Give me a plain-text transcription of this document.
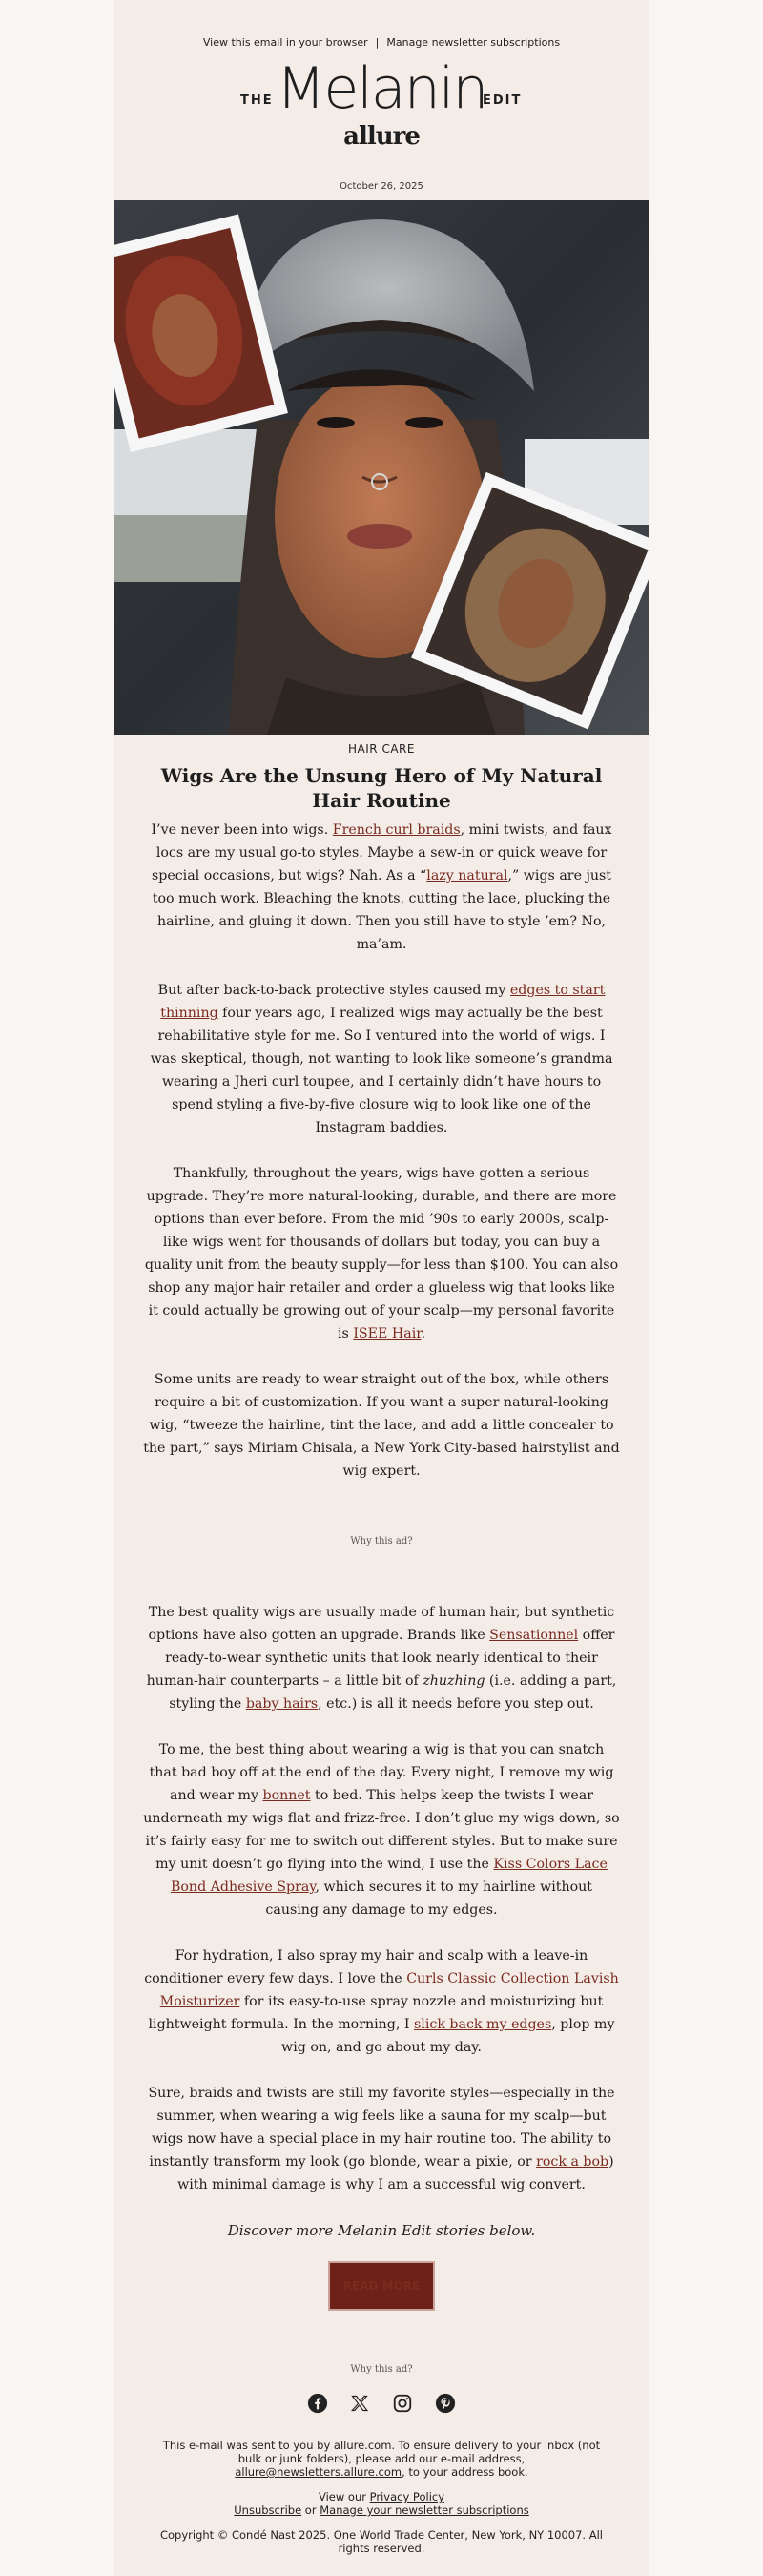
View this email in your browser | Manage newsletter subscriptions
THE Melanin
EDIT
allure
October 26, 2025
HAIR CARE
Wigs Are the Unsung Hero of My Natural Hair Routine

I’ve never been into wigs. French curl braids, mini twists, and faux locs are my usual go-to styles. Maybe a sew-in or quick weave for special occasions, but wigs? Nah. As a “lazy natural,” wigs are just too much work. Bleaching the knots, cutting the lace, plucking the hairline, and gluing it down. Then you still have to style ’em? No, ma’am.

But after back-to-back protective styles caused my edges to start thinning four years ago, I realized wigs may actually be the best rehabilitative style for me. So I ventured into the world of wigs. I was skeptical, though, not wanting to look like someone’s grandma wearing a Jheri curl toupee, and I certainly didn’t have hours to spend styling a five-by-five closure wig to look like one of the Instagram baddies.

Thankfully, throughout the years, wigs have gotten a serious upgrade. They’re more natural-looking, durable, and there are more options than ever before. From the mid ’90s to early 2000s, scalp-like wigs went for thousands of dollars but today, you can buy a quality unit from the beauty supply—for less than $100. You can also shop any major hair retailer and order a glueless wig that looks like it could actually be growing out of your scalp—my personal favorite is ISEE Hair.

Some units are ready to wear straight out of the box, while others require a bit of customization. If you want a super natural-looking wig, “tweeze the hairline, tint the lace, and add a little concealer to the part,” says Miriam Chisala, a New York City-based hairstylist and wig expert.

Why this ad?

The best quality wigs are usually made of human hair, but synthetic options have also gotten an upgrade. Brands like Sensationnel offer ready-to-wear synthetic units that look nearly identical to their human-hair counterparts – a little bit of zhuzhing (i.e. adding a part, styling the baby hairs, etc.) is all it needs before you step out.

To me, the best thing about wearing a wig is that you can snatch that bad boy off at the end of the day. Every night, I remove my wig and wear my bonnet to bed. This helps keep the twists I wear underneath my wigs flat and frizz-free. I don’t glue my wigs down, so it’s fairly easy for me to switch out different styles. But to make sure my unit doesn’t go flying into the wind, I use the Kiss Colors Lace Bond Adhesive Spray, which secures it to my hairline without causing any damage to my edges.

For hydration, I also spray my hair and scalp with a leave-in conditioner every few days. I love the Curls Classic Collection Lavish Moisturizer for its easy-to-use spray nozzle and moisturizing but lightweight formula. In the morning, I slick back my edges, plop my wig on, and go about my day.

Sure, braids and twists are still my favorite styles—especially in the summer, when wearing a wig feels like a sauna for my scalp—but wigs now have a special place in my hair routine too. The ability to instantly transform my look (go blonde, wear a pixie, or rock a bob) with minimal damage is why I am a successful wig convert.

Discover more Melanin Edit stories below.

READ MORE

Why this ad?

This e-mail was sent to you by allure.com. To ensure delivery to your inbox (not bulk or junk folders), please add our e-mail address, allure@newsletters.allure.com, to your address book.

View our Privacy Policy
Unsubscribe or Manage your newsletter subscriptions

Copyright © Condé Nast 2025. One World Trade Center, New York, NY 10007. All rights reserved.
